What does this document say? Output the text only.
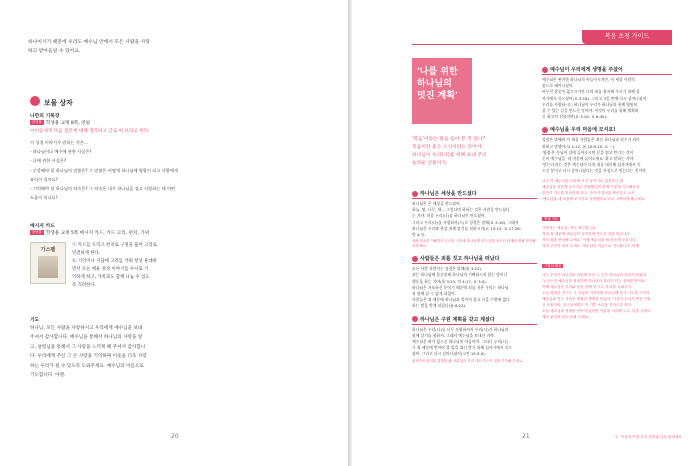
하나이시기 때문에 우리도 예수님 안에서 모든 사람을 사랑
하고 받아들일 수 있어요.
보물 상자
나만의 기록장
준비물 학생용 교재 8쪽, 연필
아이들에게 다음 질문에 대해 생각하고 글로 써 보라고 한다.
이 성경 이야기가 말하는 것은…
- 하나님이나 예수에 관한 사실은?
- 나에 관한 사실은?
- 순종해야 할 하나님의 말씀은? 그 말씀은 어떻게 하나님께 영광이 되고 사람에게
유익이 될까요?
- 기억해야 할 하나님의 약속은? 그 약속은 내가 하나님을 점고 사랑하는 데 어떤
도움이 되나요?
메시지 카드
준비물 학생용 교재 5쪽 메시지 카드, 카드 고리, 펀치, 가위
가스펠
ⓐ 카드를 오리고 펀치로 구멍을 뚫어 고리로
연결하게 한다.
ⓑ 기억이나 지답에 고리를 카워 항상 휴대하
면서 오늘 배운 성경 이야기를 수시로 기
억하게 하고, 가족과도 함께 나눔 수 있도
록 격려한다.
기도
하나님, 모든 사람을 사랑하시고 우리에게 예수님을 보내
주셔서 감사합니다. 예수님을 통해서 하나님의 사랑을 알
고, 성령님을 통해서 그 사랑을 느끼게 해 주셔서 감사합니
다. 우리에게 주신 그 큰 사랑을 기억하며 이웃을 더욱 사랑
하는 우리가 될 수 있도록 도와주세요. 예수님의 이름으로
기도합니다. 아멘.
20
복음 초청 가이드
'나를 위한
하나님의
멋진 계획'
'복음'이라는 말을 들어 본 적 있나?
복음이란 좋은 소식이라는 뜻이야.
하나님이 우리(나)를 위해 보내 주신
놀라운 선물이지.
하나님은 세상을 만드셨다
하나님은 온 세상을 만드셨어.
하늘, 땅, 나무, 새… 그렇다면 하하는 것은 사람을 만드셨다
는 거야. 처음 우리(나)를 하나님이 만드셨어.
그리고 우리(나)를 사랑하셔(으)로 성경은 말해(요 3:16). 그래서
하나님은 우리와 항상 함께 말기를 원하시지(요 15:15; 요 17:26;
약 4:7).
세상 창조를 이해하면 우리의 고민에 하나님께 더가 다를 성도의 관계에 대해 생각해 보게 해요.
사람들은 죄를 짓고 하나님을 떠났다
모든 사람 사람이는 성경은 말해(롬 3:23).
죄는 하나님께 불순종해 하나님의 기뻐하시지 않는 말이나
행동을 하는 거야(롬 3:23, 약 4:17, 요 3:4).
하나님은 거룩하신 분이기 때문에 죄를 지은 우리는 하나님
과 함께 살 수 없게 되었어.
사람들은 죄 때문에 하나님과 멀어져 결국 죽을 수밖에 없다
하는 벌을 받게 되었다(롬 6:23).
하나님은 구원 계획을 갖고 계셨다
하나님은 우리(나)를 너무 사랑하셔서 우리(나)가 하나님과
함께 살기를 원하셔. 그래서 예수님을 보내신 거야.
예수님은 죄가 없으신 하나님의 아들이야. 그러나 우리(나)
가 죄 때문에 받아야 할 벌을 대신 받기 위해 십자가에서 죽으
셨어. 그리고 다시 살아나셨어(고전 15:3-4).
십자가의 의미를 설명할 때, 예수님이 우리 대신 죽으신 것을 부각해 주세요.
예수님이 우리에게 생명을 주셨어
예수님은 완전한 하나님의 아들이시지만, 이 세상 사람의
몸으로 태어나셨어.
아무런 잘못이 없으시지만 나의 죄를 용서해 주시기 위해 십
자가에서 죽으셨어(요 3:16). 그리고 3일 만에 다시 살아나셨어.
우리를 사랑하시는 하나님이 우리가 하나님과 함께 영원히
살 수 있는 길을 만드신 것이야. 이것이 우리를 위해 계획하
신 최고의 선물이야(요 3:16, 요 6:40).
예수님을 우리 마음에 모셔요!
성경은 말해줘 이 세상 사람들은 죄인 하나님과 원수가 되어
원하고 말했어(요 1:12, 롬 10:9-10, 요 ~).
'영접'은 손님이 집에 들어오시면 문을 열고 반기는 것이
듯이 예수님을 '내 마음에 들어오세요' 하고 말하는 거야.
'믿는다'라는 것은 예수님이 나의 죄를 대신해 십자가에서 죽
으신 분이고 다시 살아나셨다는 것을 진심으로 믿는다는 것이야.
나도 이 예수님을 마음에 모셔 들이기로 결정하니 예
예수님을 마음에 모시기로 결정했다면 함께 이렇게 기도해보자
천천히 기도를 따라하게 하고, 아이의 결정을 확인하고 나서
'예수님을 내 마음에 모시기로 결정했어요'라고 고백하게 해주세요.
영접 기도
사랑하는 예수님, 저는 죄인입니다.
저의 죄 때문에 예수님이 십자가에 죽으신 것을 믿습니다.
저의 죄를 용서해 주세요. 이제 예수님을 제 마음에 모십니다.
저의 주인이 되어 주세요. 예수님의 이름으로 기도합니다. 아멘.
구원의 확신
나는 우리가 하나님을 마음에 모신 그 순간 하나님의 자녀가 되었어.
'누구든지 예수님을 영접하면 하나님의 자녀가 되는 권세를 받아요.'
이제 예수님은 우리와 항상 함께 하시고, 우리를 도와주셔.
오늘 영접한 친구는 그 사실을 기억하며 하나님께 감사 기도를 드리자.
예수님을 믿는 사람은 영원한 생명을 얻었어. 이것이 우리가 받은 가장
큰 선물이야. 친구들에게도 이 기쁜 소식을 전하도록 하자.
오늘 예수님을 영접한 아이가 있다면 이름을 기록해 두고, 다음 주에도
계속 관심을 갖고 돌봐 주세요.
1 · 이동의 여정 우리 말씀을 나무 말하세요
21
